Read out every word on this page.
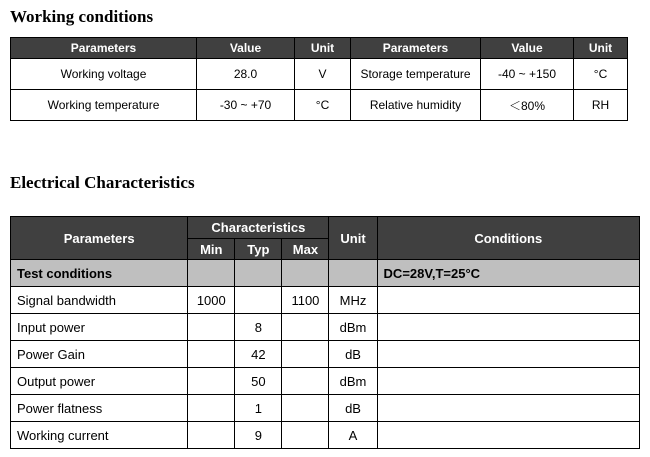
Working conditions
Parameters	Value	Unit	Parameters	Value	Unit
Working voltage	28.0	V	Storage temperature	-40 ~ +150	°C
Working temperature	-30 ~ +70	°C	Relative humidity	＜80%	RH
Electrical Characteristics
Parameters	Characteristics			Unit	Conditions
	Min	Typ	Max		
Test conditions					DC=28V,T=25°C
Signal bandwidth	1000		1100	MHz	
Input power		8		dBm	
Power Gain		42		dB	
Output power		50		dBm	
Power flatness		1		dB	
Working current		9		A	
